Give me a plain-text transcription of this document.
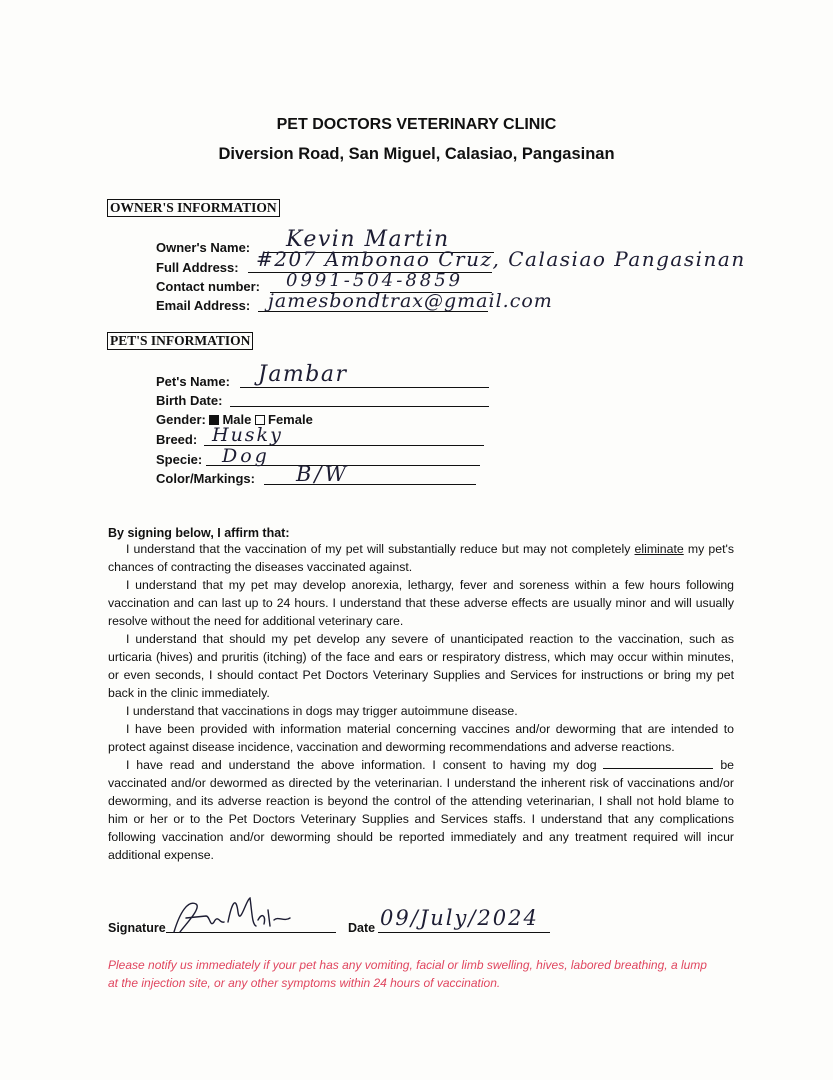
PET DOCTORS VETERINARY CLINIC
Diversion Road, San Miguel, Calasiao, Pangasinan
OWNER'S INFORMATION
Owner's Name: Kevin Martin
Full Address: #207 Ambonao Cruz, Calasiao Pangasinan
Contact number: 0991-504-8859
Email Address: jamesbondtrax@gmail.com
PET'S INFORMATION
Pet's Name: Jambar
Birth Date:
Gender: Male Female
Breed: Husky
Specie: Dog
Color/Markings: B/W
By signing below, I affirm that:

I understand that the vaccination of my pet will substantially reduce but may not completely eliminate my pet's chances of contracting the diseases vaccinated against.

I understand that my pet may develop anorexia, lethargy, fever and soreness within a few hours following vaccination and can last up to 24 hours. I understand that these adverse effects are usually minor and will usually resolve without the need for additional veterinary care.

I understand that should my pet develop any severe of unanticipated reaction to the vaccination, such as urticaria (hives) and pruritis (itching) of the face and ears or respiratory distress, which may occur within minutes, or even seconds, I should contact Pet Doctors Veterinary Supplies and Services for instructions or bring my pet back in the clinic immediately.

I understand that vaccinations in dogs may trigger autoimmune disease.

I have been provided with information material concerning vaccines and/or deworming that are intended to protect against disease incidence, vaccination and deworming recommendations and adverse reactions.

I have read and understand the above information. I consent to having my dog	be vaccinated and/or dewormed as directed by the veterinarian. I understand the inherent risk of vaccinations and/or deworming, and its adverse reaction is beyond the control of the attending veterinarian, I shall not hold blame to him or her or to the Pet Doctors Veterinary Supplies and Services staffs. I understand that any complications following vaccination and/or deworming should be reported immediately and any treatment required will incur additional expense.

Signature	Date 09/July/2024
Please notify us immediately if your pet has any vomiting, facial or limb swelling, hives, labored breathing, a lump at the injection site, or any other symptoms within 24 hours of vaccination.
